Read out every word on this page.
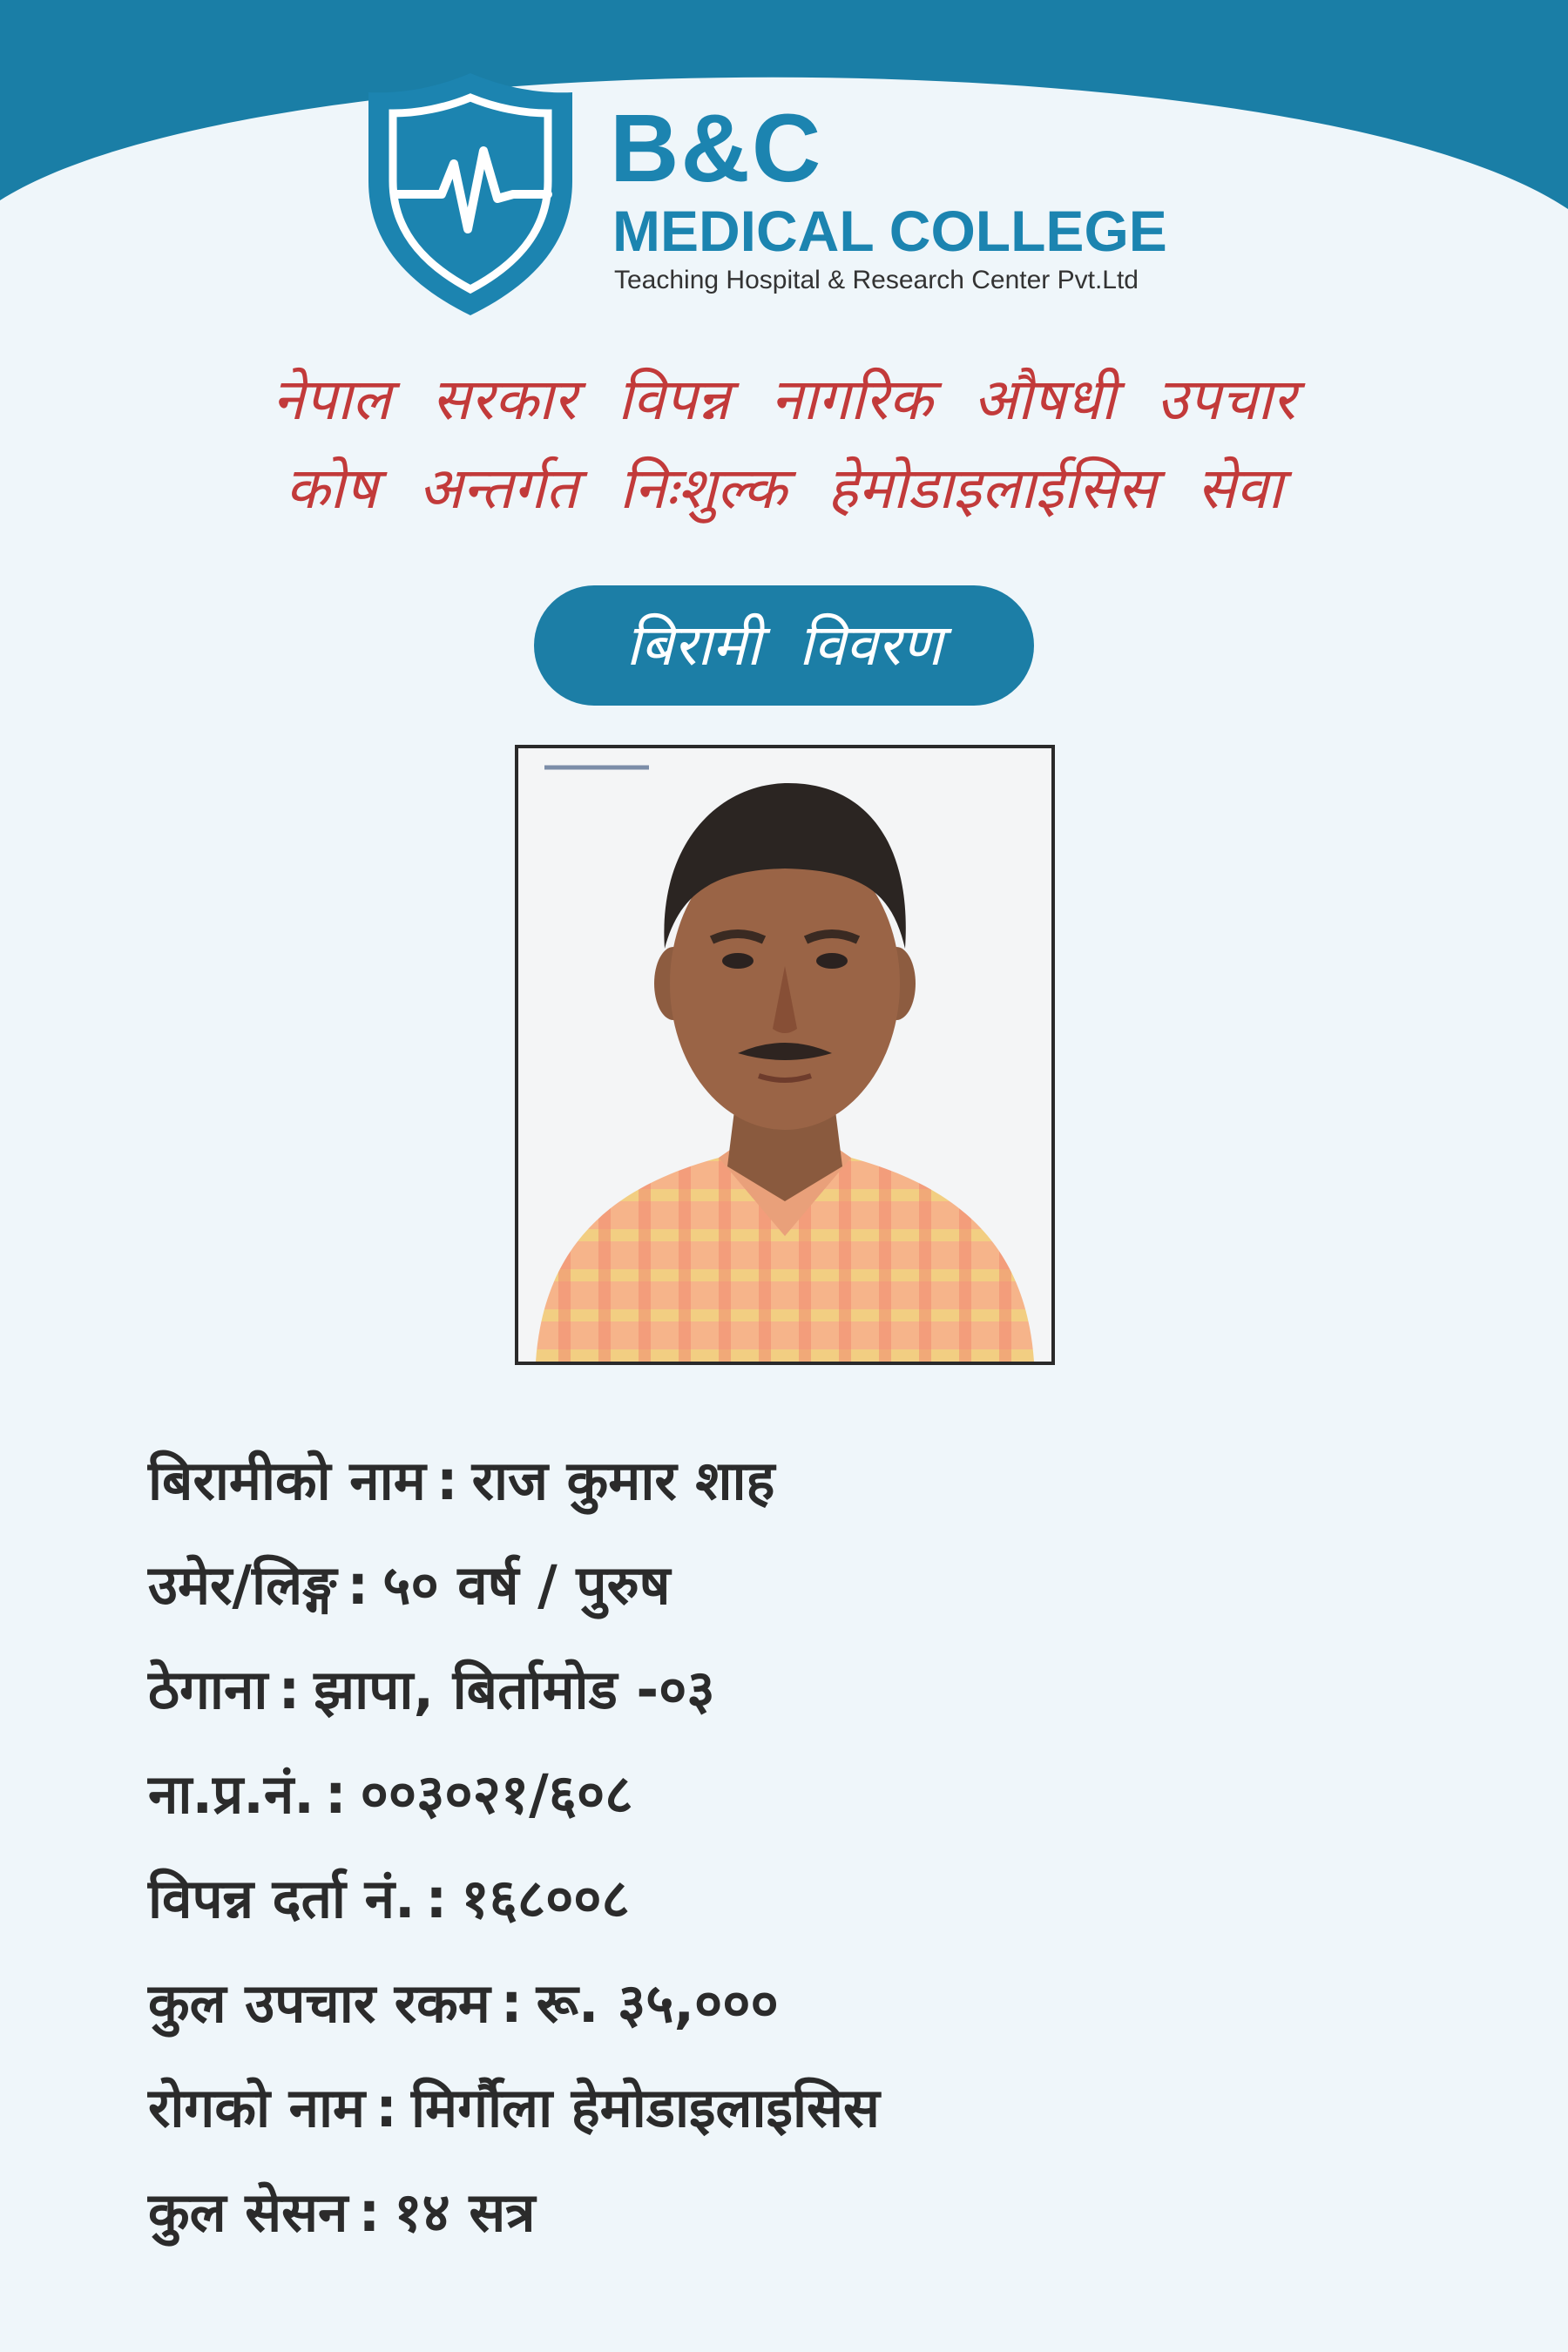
B&C
MEDICAL COLLEGE
Teaching Hospital & Research Center Pvt.Ltd
नेपाल सरकार विपन्न नागरिक औषधी उपचार
कोष अन्तर्गत निःशुल्क हेमोडाइलाईसिस सेवा
बिरामी विवरण
बिरामीको नाम : राज कुमार शाह
उमेर/लिङ्ग : ५० वर्ष / पुरुष
ठेगाना : झापा, बिर्तामोड -०३
ना.प्र.नं. : ००३०२१/६०८
विपन्न दर्ता नं. : १६८००८
कुल उपचार रकम : रू. ३५,०००
रोगको नाम : मिर्गौला हेमोडाइलाइसिस
कुल सेसन : १४ सत्र
